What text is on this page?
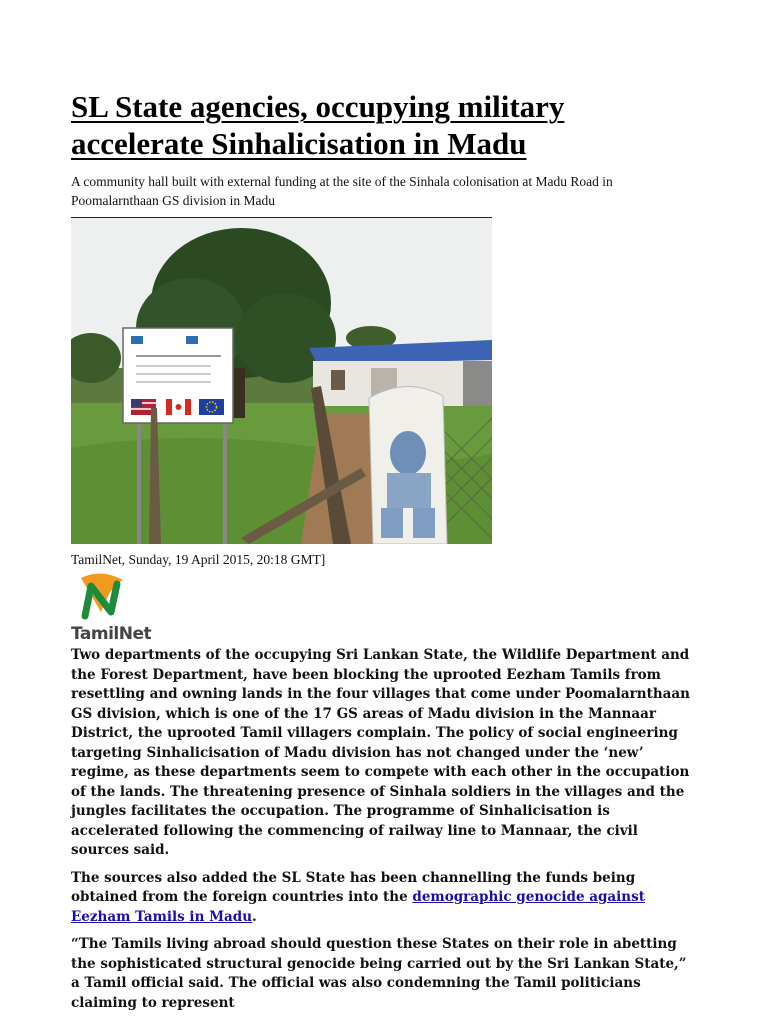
SL State agencies, occupying military accelerate Sinhalicisation in Madu

A community hall built with external funding at the site of the Sinhala colonisation at Madu Road in Poomalarnthaan GS division in Madu

TamilNet, Sunday, 19 April 2015, 20:18 GMT]
TamilNet

Two departments of the occupying Sri Lankan State, the Wildlife Department and the Forest Department, have been blocking the uprooted Eezham Tamils from resettling and owning lands in the four villages that come under Poomalarnthaan GS division, which is one of the 17 GS areas of Madu division in the Mannaar District, the uprooted Tamil villagers complain. The policy of social engineering targeting Sinhalicisation of Madu division has not changed under the ‘new’ regime, as these departments seem to compete with each other in the occupation of the lands. The threatening presence of Sinhala soldiers in the villages and the jungles facilitates the occupation. The programme of Sinhalicisation is accelerated following the commencing of railway line to Mannaar, the civil sources said.

The sources also added the SL State has been channelling the funds being obtained from the foreign countries into the demographic genocide against Eezham Tamils in Madu.

“The Tamils living abroad should question these States on their role in abetting the sophisticated structural genocide being carried out by the Sri Lankan State,” a Tamil official said. The official was also condemning the Tamil politicians claiming to represent
